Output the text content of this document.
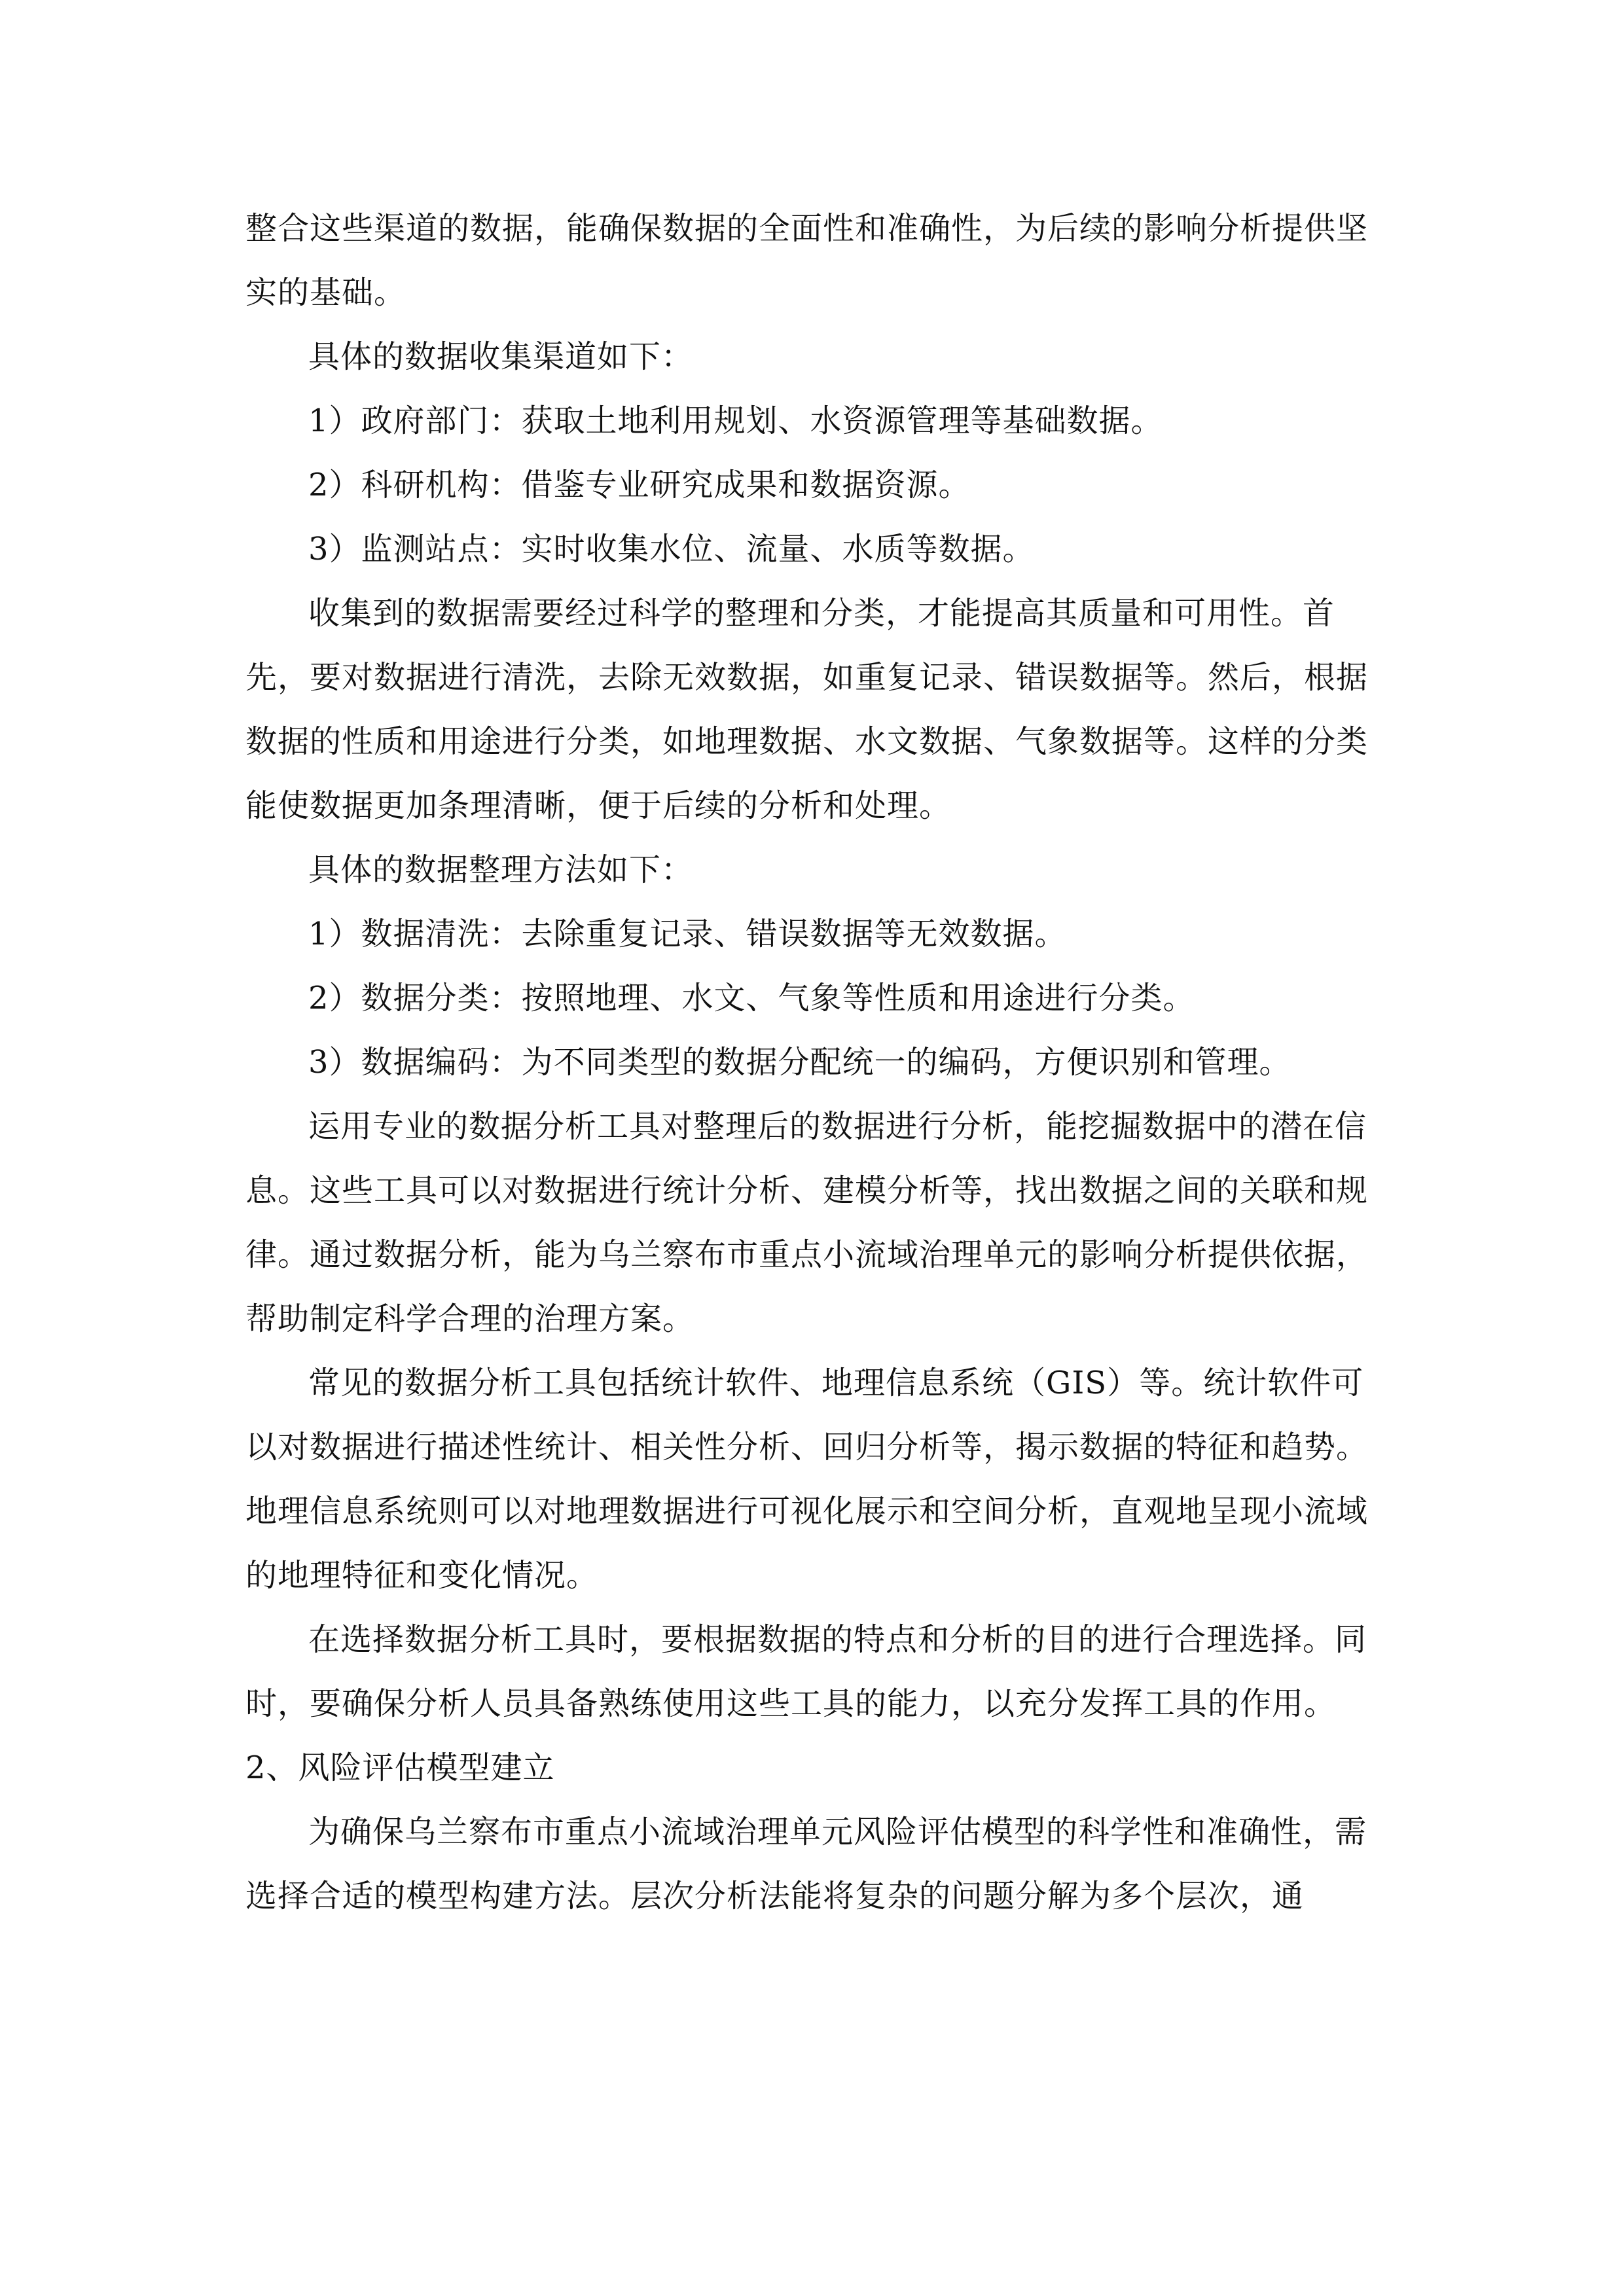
整合这些渠道的数据，能确保数据的全面性和准确性，为后续的影响分析提供坚实的基础。

具体的数据收集渠道如下：

1）政府部门：获取土地利用规划、水资源管理等基础数据。

2）科研机构：借鉴专业研究成果和数据资源。

3）监测站点：实时收集水位、流量、水质等数据。

收集到的数据需要经过科学的整理和分类，才能提高其质量和可用性。首先，要对数据进行清洗，去除无效数据，如重复记录、错误数据等。然后，根据数据的性质和用途进行分类，如地理数据、水文数据、气象数据等。这样的分类能使数据更加条理清晰，便于后续的分析和处理。

具体的数据整理方法如下：

1）数据清洗：去除重复记录、错误数据等无效数据。

2）数据分类：按照地理、水文、气象等性质和用途进行分类。

3）数据编码：为不同类型的数据分配统一的编码，方便识别和管理。

运用专业的数据分析工具对整理后的数据进行分析，能挖掘数据中的潜在信息。这些工具可以对数据进行统计分析、建模分析等，找出数据之间的关联和规律。通过数据分析，能为乌兰察布市重点小流域治理单元的影响分析提供依据，帮助制定科学合理的治理方案。

常见的数据分析工具包括统计软件、地理信息系统（GIS）等。统计软件可以对数据进行描述性统计、相关性分析、回归分析等，揭示数据的特征和趋势。地理信息系统则可以对地理数据进行可视化展示和空间分析，直观地呈现小流域的地理特征和变化情况。

在选择数据分析工具时，要根据数据的特点和分析的目的进行合理选择。同时，要确保分析人员具备熟练使用这些工具的能力，以充分发挥工具的作用。

2、风险评估模型建立

为确保乌兰察布市重点小流域治理单元风险评估模型的科学性和准确性，需选择合适的模型构建方法。层次分析法能将复杂的问题分解为多个层次，通
